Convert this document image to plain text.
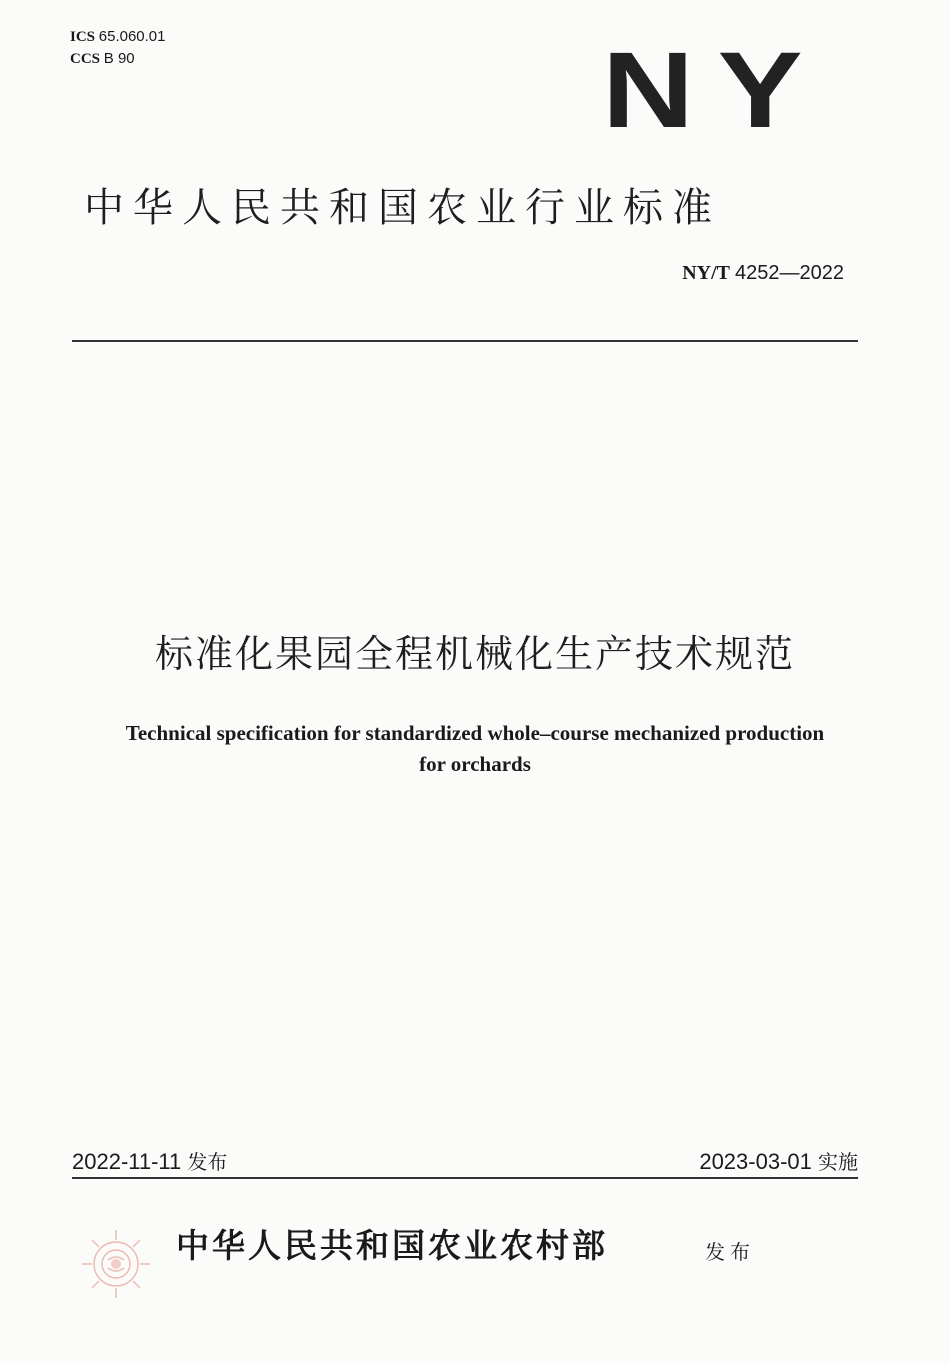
ICS 65.060.01
CCS B 90	NY
中华人民共和国农业行业标准
NY/T 4252—2022
标准化果园全程机械化生产技术规范
Technical specification for standardized whole–course mechanized production
for orchards
2022-11-11 发布	2023-03-01 实施
中华人民共和国农业农村部	发布
